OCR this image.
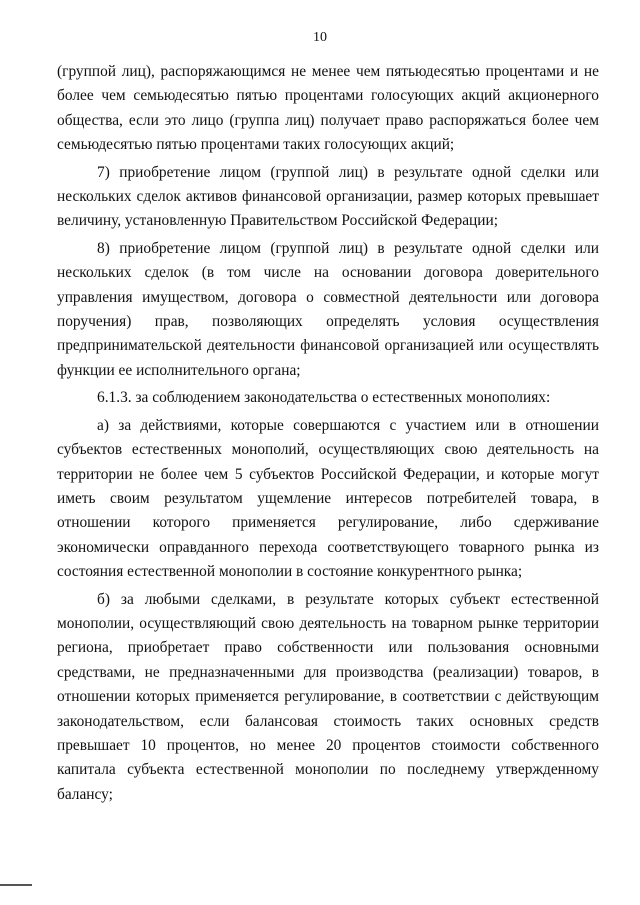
10

(группой лиц), распоряжающимся не менее чем пятьюдесятью процентами и не более чем семьюдесятью пятью процентами голосующих акций акционерного общества, если это лицо (группа лиц) получает право распоряжаться более чем семьюдесятью пятью процентами таких голосующих акций;

7) приобретение лицом (группой лиц) в результате одной сделки или нескольких сделок активов финансовой организации, размер которых превышает величину, установленную Правительством Российской Федерации;

8) приобретение лицом (группой лиц) в результате одной сделки или нескольких сделок (в том числе на основании договора доверительного управления имуществом, договора о совместной деятельности или договора поручения) прав, позволяющих определять условия осуществления предпринимательской деятельности финансовой организацией или осуществлять функции ее исполнительного органа;

6.1.3. за соблюдением законодательства о естественных монополиях:

а) за действиями, которые совершаются с участием или в отношении субъектов естественных монополий, осуществляющих свою деятельность на территории не более чем 5 субъектов Российской Федерации, и которые могут иметь своим результатом ущемление интересов потребителей товара, в отношении которого применяется регулирование, либо сдерживание экономически оправданного перехода соответствующего товарного рынка из состояния естественной монополии в состояние конкурентного рынка;

б) за любыми сделками, в результате которых субъект естественной монополии, осуществляющий свою деятельность на товарном рынке территории региона, приобретает право собственности или пользования основными средствами, не предназначенными для производства (реализации) товаров, в отношении которых применяется регулирование, в соответствии с действующим законодательством, если балансовая стоимость таких основных средств превышает 10 процентов, но менее 20 процентов стоимости собственного капитала субъекта естественной монополии по последнему утвержденному балансу;
